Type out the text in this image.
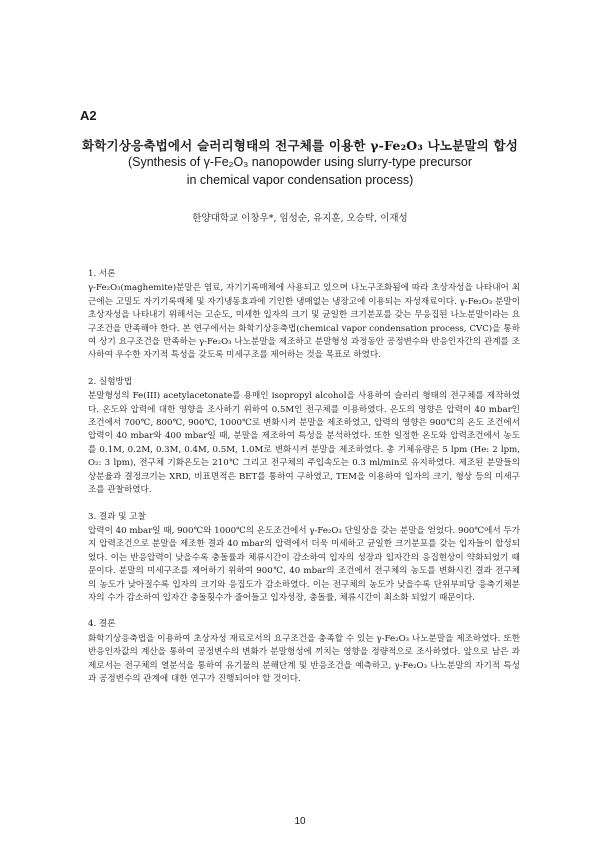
A2
화학기상응축법에서 슬러리형태의 전구체를 이용한 γ-Fe₂O₃ 나노분말의 합성
(Synthesis of γ-Fe₂O₃ nanopowder using slurry-type precursor
in chemical vapor condensation process)
한양대학교 이창우*, 임성순, 유지훈, 오승탁, 이재성
1. 서론
γ-Fe₂O₃(maghemite)분말은 염료, 자기기록매체에 사용되고 있으며 나노구조화됨에 따라 초상자성을 나타내어 최근에는 고밀도 자기기록매체 및 자기냉동효과에 기인한 냉매없는 냉장고에 이용되는 자성재료이다. γ-Fe₂O₃ 분말이 초상자성을 나타내기 위해서는 고순도, 미세한 입자의 크기 및 균일한 크기분포를 갖는 무응집된 나노분말이라는 요구조건을 만족해야 한다. 본 연구에서는 화학기상응축법(chemical vapor condensation process, CVC)을 통하여 상기 요구조건을 만족하는 γ-Fe₂O₃ 나노분말을 제조하고 분말형성 과정동안 공정변수와 반응인자간의 관계를 조사하여 우수한 자기적 특성을 갖도록 미세구조를 제어하는 것을 목표로 하였다.
2. 실험방법
분말형성의 Fe(III) acetylacetonate를 용매인 isopropyl alcohol을 사용하여 슬러리 형태의 전구체를 제작하였다. 온도와 압력에 대한 영향을 조사하기 위하여 0.5M인 전구체를 이용하였다. 온도의 영향은 압력이 40 mbar인 조건에서 700℃, 800℃, 900℃, 1000℃로 변화시켜 분말을 제조하였고, 압력의 영향은 900℃의 온도 조건에서 압력이 40 mbar와 400 mbar일 때, 분말을 제조하여 특성을 분석하였다. 또한 일정한 온도와 압력조건에서 농도를 0.1M, 0.2M, 0.3M, 0.4M, 0.5M, 1.0M로 변화시켜 분말을 제조하였다. 총 기체유량은 5 lpm (He: 2 lpm, O₂: 3 lpm), 전구체 기화온도는 210℃ 그리고 전구체의 주입속도는 0.3 ml/min로 유지하였다. 제조된 분말들의 상분율과 결정크기는 XRD, 비표면적은 BET를 통하여 구하였고, TEM을 이용하여 입자의 크기, 형상 등의 미세구조를 관찰하였다.
3. 결과 및 고찰
압력이 40 mbar일 때, 900℃와 1000℃의 온도조건에서 γ-Fe₂O₃ 단일상을 갖는 분말을 얻었다. 900℃에서 두가지 압력조건으로 분말을 제조한 결과 40 mbar의 압력에서 더욱 미세하고 균일한 크기분포를 갖는 입자들이 합성되었다. 이는 반응압력이 낮을수록 충돌률과 체류시간이 감소하여 입자의 성장과 입자간의 응집현상이 약화되었기 때문이다. 분말의 미세구조를 제어하기 위하여 900℃, 40 mbar의 조건에서 전구체의 농도를 변화시킨 결과 전구체의 농도가 낮아질수록 입자의 크기와 응집도가 감소하였다. 이는 전구체의 농도가 낮을수록 단위부피당 응축기체분자의 수가 감소하여 입자간 충돌횟수가 줄어들고 입자성장, 충돌률, 체류시간이 최소화 되었기 때문이다.
4. 결론
화학기상응축법을 이용하여 초상자성 재료로서의 요구조건을 충족할 수 있는 γ-Fe₂O₃ 나노분말을 제조하였다. 또한 반응인자값의 계산을 통하여 공정변수의 변화가 분말형성에 끼치는 영향을 정량적으로 조사하였다. 앞으로 남은 과제로서는 전구체의 열분석을 통하여 유기물의 분해단계 및 반응조건을 예측하고, γ-Fe₂O₃ 나노분말의 자기적 특성과 공정변수의 관계에 대한 연구가 진행되어야 할 것이다.
10
